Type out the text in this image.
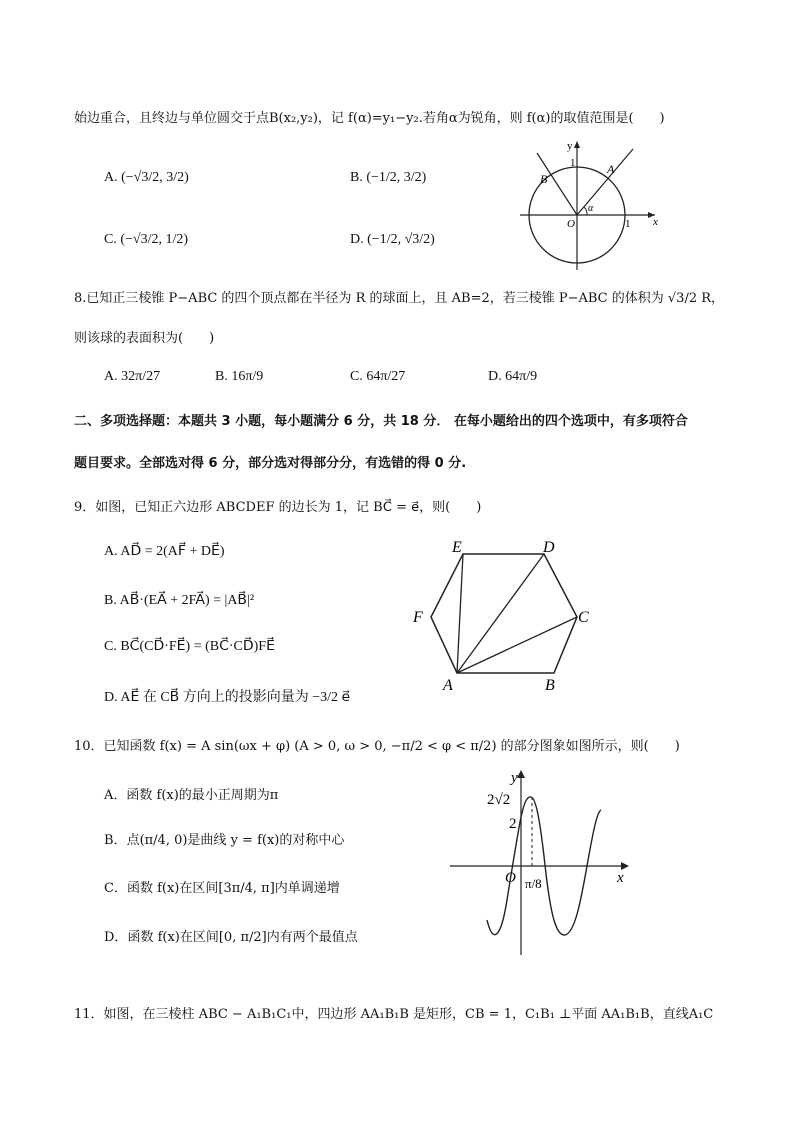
始边重合，且终边与单位圆交于点B(x₂,y₂)，记 f(α)=y₁−y₂.若角α为锐角，则 f(α)的取值范围是(　　)
A. (−√3/2, 3/2)	B. (−1/2, 3/2)
C. (−√3/2, 1/2)	D. (−1/2, √3/2)
y
x
O
1
1
A
B
α
8.已知正三棱锥 P−ABC 的四个顶点都在半径为 R 的球面上，且 AB=2，若三棱锥 P−ABC 的体积为 √3/2 R，
则该球的表面积为(　　)
A. 32π/27	B. 16π/9	C. 64π/27	D. 64π/9
二、多项选择题：本题共 3 小题，每小题满分 6 分，共 18 分． 在每小题给出的四个选项中，有多项符合
题目要求。全部选对得 6 分，部分选对得部分分，有选错的得 0 分.
9．如图，已知正六边形 ABCDEF 的边长为 1，记 BC⃗ = e⃗，则(　　)
A. AD⃗ = 2(AF⃗ + DE⃗)
B. AB⃗·(EA⃗ + 2FA⃗) = |AB⃗|²
C. BC⃗(CD⃗·FE⃗) = (BC⃗·CD⃗)FE⃗
D. AE⃗ 在 CB⃗ 方向上的投影向量为 −3/2 e⃗
E	D
F	C
A	B
10．已知函数 f(x) = A sin(ωx + φ) (A > 0, ω > 0, −π/2 < φ < π/2) 的部分图象如图所示，则(　　)
A．函数 f(x)的最小正周期为π
B．点(π/4, 0)是曲线 y = f(x)的对称中心
C．函数 f(x)在区间[3π/4, π]内单调递增
D．函数 f(x)在区间[0, π/2]内有两个最值点
y
x
O
2√2
2
π/8
11．如图，在三棱柱 ABC − A₁B₁C₁中，四边形 AA₁B₁B 是矩形，CB = 1，C₁B₁ ⊥平面 AA₁B₁B，直线A₁C
